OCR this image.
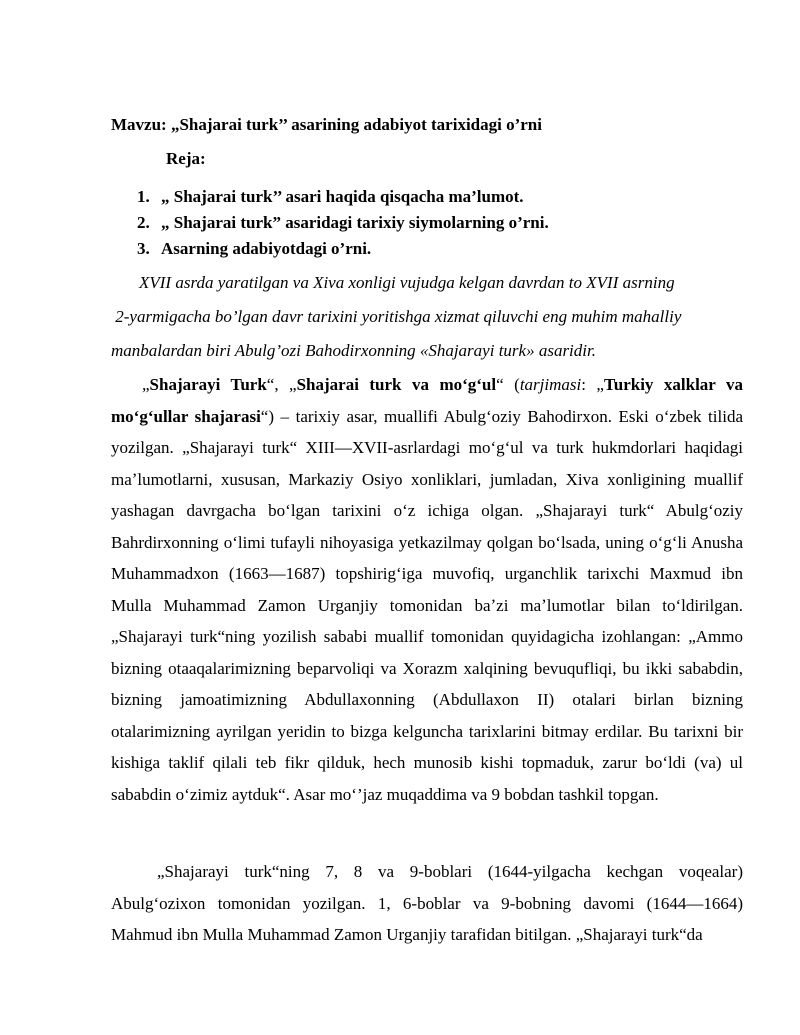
Mavzu: „Shajarai turk’’ asarining adabiyot tarixidagi o’rni
Reja:
1. „ Shajarai turk’’ asari haqida qisqacha ma’lumot.
2. „ Shajarai turk” asaridagi tarixiy siymolarning o’rni.
3. Asarning adabiyotdagi o’rni.
XVII asrda yaratilgan va Xiva xonligi vujudga kelgan davrdan to XVII asrning
2-yarmigacha bo’lgan davr tarixini yoritishga xizmat qiluvchi eng muhim mahalliy
manbalardan biri Abulg’ozi Bahodirxonning «Shajarayi turk» asaridir.

„Shajarayi Turk“, „Shajarai turk va moʻgʻul“ (tarjimasi: „Turkiy xalklar va moʻgʻullar shajarasi“) – tarixiy asar, muallifi Abulgʻoziy Bahodirxon. Eski oʻzbek tilida yozilgan. „Shajarayi turk“ XIII—XVII-asrlardagi moʻgʻul va turk hukmdorlari haqidagi maʼlumotlarni, xususan, Markaziy Osiyo xonliklari, jumladan, Xiva xonligining muallif yashagan davrgacha boʻlgan tarixini oʻz ichiga olgan. „Shajarayi turk“ Abulgʻoziy Bahrdirxonning oʻlimi tufayli nihoyasiga yetkazilmay qolgan boʻlsada, uning oʻgʻli Anusha Muhammadxon (1663—1687) topshirigʻiga muvofiq, urganchlik tarixchi Maxmud ibn Mulla Muhammad Zamon Urganjiy tomonidan baʼzi maʼlumotlar bilan toʻldirilgan. „Shajarayi turk“ning yozilish sababi muallif tomonidan quyidagicha izohlangan: „Ammo bizning otaaqalarimizning beparvoliqi va Xorazm xalqining bevuqufliqi, bu ikki sababdin, bizning jamoatimizning Abdullaxonning (Abdullaxon II) otalari birlan bizning otalarimizning ayrilgan yeridin to bizga kelguncha tarixlarini bitmay erdilar. Bu tarixni bir kishiga taklif qilali teb fikr qilduk, hech munosib kishi topmaduk, zarur boʻldi (va) ul sababdin oʻzimiz aytduk“. Asar mo‘’jaz muqaddima va 9 bobdan tashkil topgan.

„Shajarayi turk“ning 7, 8 va 9-boblari (1644-yilgacha kechgan voqealar) Abulgʻozixon tomonidan yozilgan. 1, 6-boblar va 9-bobning davomi (1644—1664) Mahmud ibn Mulla Muhammad Zamon Urganjiy tarafidan bitilgan. „Shajarayi turk“da
